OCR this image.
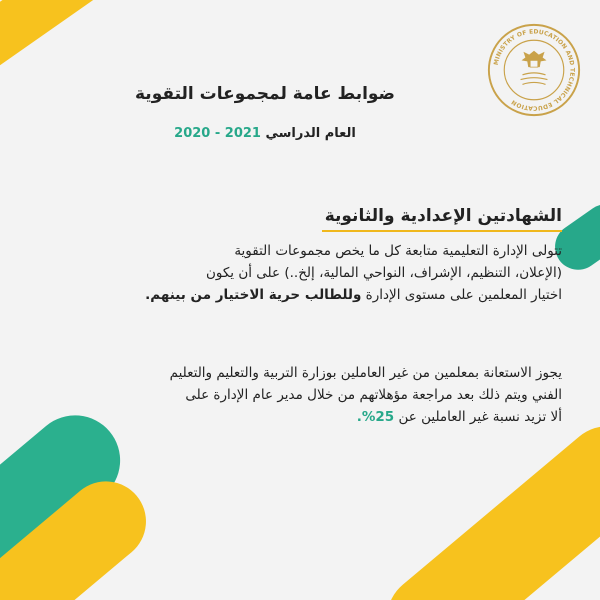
MINISTRY OF EDUCATION AND TECHNICAL EDUCATION
ضوابط عامة لمجموعات التقوية
العام الدراسي 2020 - 2021
الشهادتين الإعدادية والثانوية
تتولى الإدارة التعليمية متابعة كل ما يخص مجموعات التقوية
(الإعلان، التنظيم، الإشراف، النواحي المالية، إلخ..) على أن يكون
اختيار المعلمين على مستوى الإدارة وللطالب حرية الاختيار من بينهم.
يجوز الاستعانة بمعلمين من غير العاملين بوزارة التربية والتعليم والتعليم
الفني ويتم ذلك بعد مراجعة مؤهلاتهم من خلال مدير عام الإدارة على
ألا تزيد نسبة غير العاملين عن 25%.
